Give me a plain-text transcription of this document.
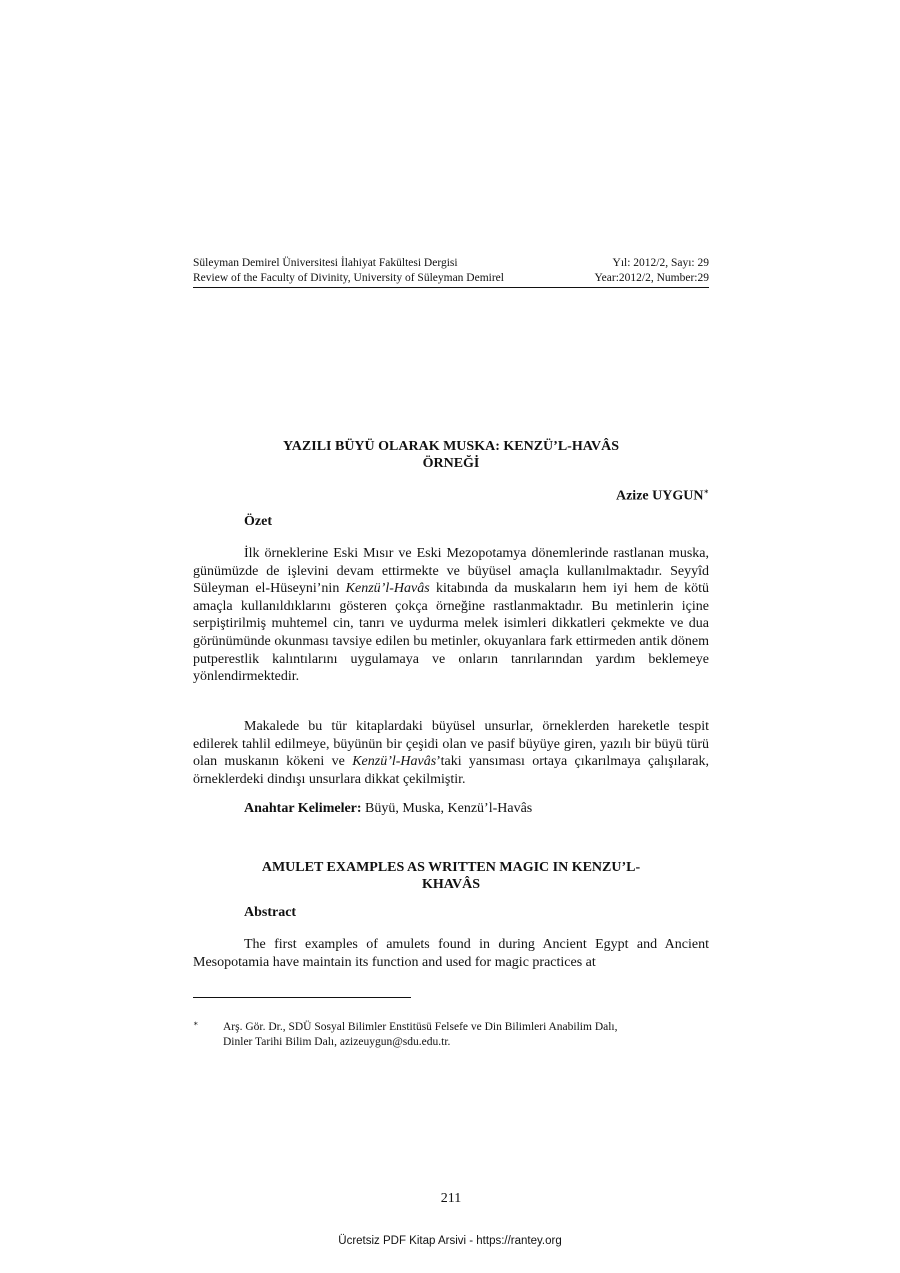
Süleyman Demirel Üniversitesi İlahiyat Fakültesi Dergisi	Yıl: 2012/2, Sayı: 29
Review of the Faculty of Divinity, University of Süleyman Demirel	Year:2012/2, Number:29
YAZILI BÜYÜ OLARAK MUSKA: KENZÜ’L-HAVÂS
ÖRNEĞİ
Azize UYGUN∗
Özet
İlk örneklerine Eski Mısır ve Eski Mezopotamya dönemlerinde rastlanan muska, günümüzde de işlevini devam ettirmekte ve büyüsel amaçla kullanılmaktadır. Seyyîd Süleyman el-Hüseyni’nin Kenzü’l-Havâs kitabında da muskaların hem iyi hem de kötü amaçla kullanıldıklarını gösteren çokça örneğine rastlanmaktadır. Bu metinlerin içine serpiştirilmiş muhtemel cin, tanrı ve uydurma melek isimleri dikkatleri çekmekte ve dua görünümünde okunması tavsiye edilen bu metinler, okuyanlara fark ettirmeden antik dönem putperestlik kalıntılarını uygulamaya ve onların tanrılarından yardım beklemeye yönlendirmektedir.
Makalede bu tür kitaplardaki büyüsel unsurlar, örneklerden hareketle tespit edilerek tahlil edilmeye, büyünün bir çeşidi olan ve pasif büyüye giren, yazılı bir büyü türü olan muskanın kökeni ve Kenzü’l-Havâs’taki yansıması ortaya çıkarılmaya çalışılarak, örneklerdeki dindışı unsurlara dikkat çekilmiştir.
Anahtar Kelimeler: Büyü, Muska, Kenzü’l-Havâs
AMULET EXAMPLES AS WRITTEN MAGIC IN KENZU’L-
KHAVÂS
Abstract
The first examples of amulets found in during Ancient Egypt and Ancient Mesopotamia have maintain its function and used for magic practices at
∗ Arş. Gör. Dr., SDÜ Sosyal Bilimler Enstitüsü Felsefe ve Din Bilimleri Anabilim Dalı,
Dinler Tarihi Bilim Dalı, azizeuygun@sdu.edu.tr.
211
Ücretsiz PDF Kitap Arsivi - https://rantey.org
